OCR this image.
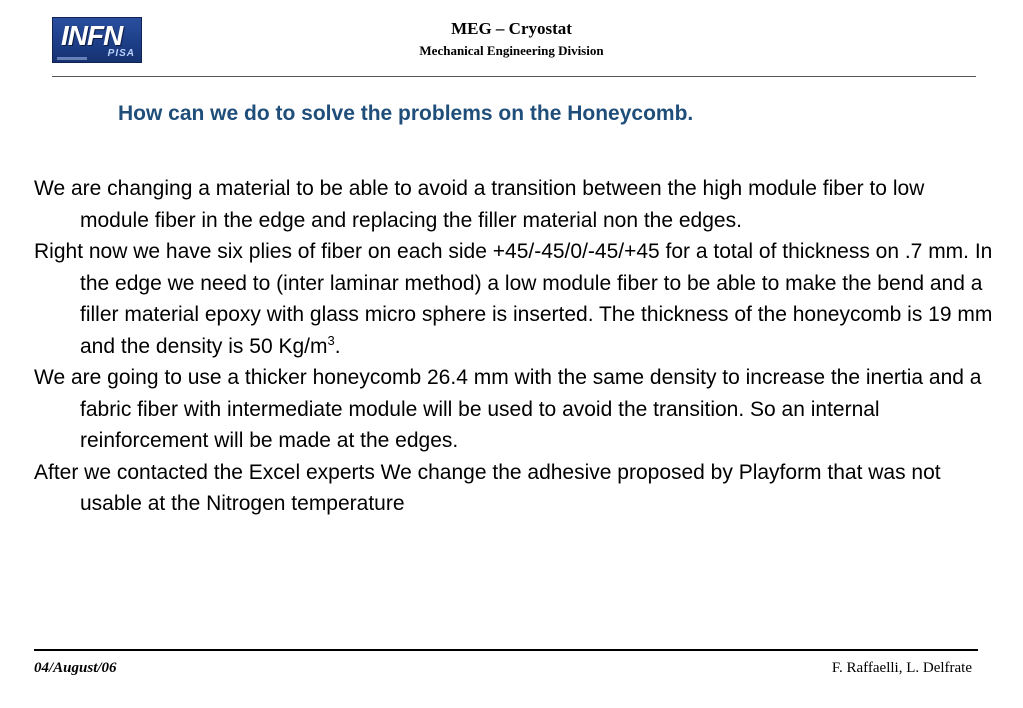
INFN
PISA
MEG – Cryostat
Mechanical Engineering Division
How can we do to solve the problems on the Honeycomb.

We are changing a material to be able to avoid a transition between the high module fiber to low module fiber in the edge and replacing the filler material non the edges.

Right now we have six plies of fiber on each side +45/-45/0/-45/+45 for a total of thickness on .7 mm. In the edge we need to (inter laminar method) a low module fiber to be able to make the bend and a filler material epoxy with glass micro sphere is inserted. The thickness of the honeycomb is 19 mm and the density is 50 $Kg/m^3$.

We are going to use a thicker honeycomb 26.4 mm with the same density to increase the inertia and a fabric fiber with intermediate module will be used to avoid the transition. So an internal reinforcement will be made at the edges.

After we contacted the Excel experts We change the adhesive proposed by Playform that was not usable at the Nitrogen temperature

04/August/06	F. Raffaelli, L. Delfrate
